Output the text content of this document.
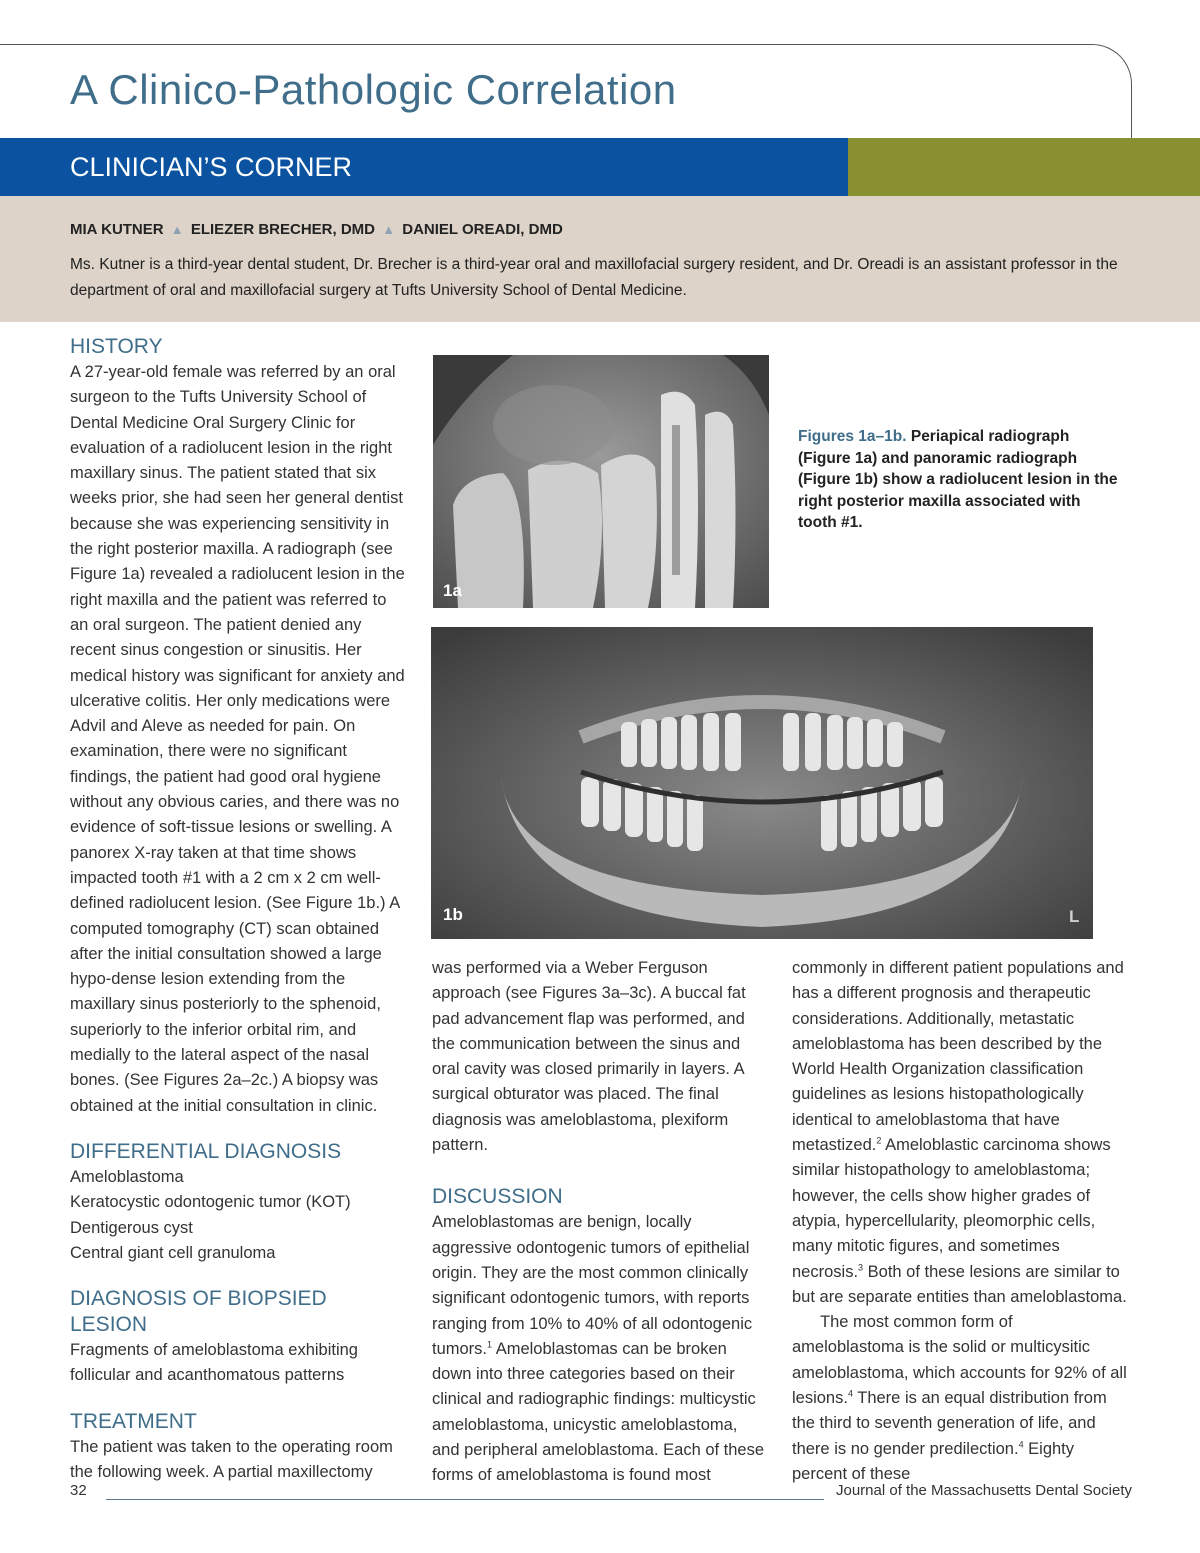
A Clinico-Pathologic Correlation
CLINICIAN’S CORNER
MIA KUTNER ▲ ELIEZER BRECHER, DMD ▲ DANIEL OREADI, DMD
Ms. Kutner is a third-year dental student, Dr. Brecher is a third-year oral and maxillofacial surgery resident, and Dr. Oreadi is an assistant professor in the department of oral and maxillofacial surgery at Tufts University School of Dental Medicine.
HISTORY

A 27-year-old female was referred by an oral surgeon to the Tufts University School of Dental Medicine Oral Surgery Clinic for evaluation of a radiolucent lesion in the right maxillary sinus. The patient stated that six weeks prior, she had seen her general dentist because she was experiencing sensitivity in the right posterior maxilla. A radiograph (see Figure 1a) revealed a radiolucent lesion in the right maxilla and the patient was referred to an oral surgeon. The patient denied any recent sinus congestion or sinusitis. Her medical history was significant for anxiety and ulcerative colitis. Her only medications were Advil and Aleve as needed for pain. On examination, there were no significant findings, the patient had good oral hygiene without any obvious caries, and there was no evidence of soft-tissue lesions or swelling. A panorex X-ray taken at that time shows impacted tooth #1 with a 2 cm x 2 cm well-defined radiolucent lesion. (See Figure 1b.) A computed tomography (CT) scan obtained after the initial consultation showed a large hypo-dense lesion extending from the maxillary sinus posteriorly to the sphenoid, superiorly to the inferior orbital rim, and medially to the lateral aspect of the nasal bones. (See Figures 2a–2c.) A biopsy was obtained at the initial consultation in clinic.

DIFFERENTIAL DIAGNOSIS

Ameloblastoma

Keratocystic odontogenic tumor (KOT)

Dentigerous cyst

Central giant cell granuloma

DIAGNOSIS OF BIOPSIED LESION

Fragments of ameloblastoma exhibiting follicular and acanthomatous patterns

TREATMENT

The patient was taken to the operating room the following week. A partial maxillectomy

1a
Figures 1a–1b. Periapical radiograph (Figure 1a) and panoramic radiograph (Figure 1b) show a radiolucent lesion in the right posterior maxilla associated with tooth #1.
1b	L

was performed via a Weber Ferguson approach (see Figures 3a–3c). A buccal fat pad advancement flap was performed, and the communication between the sinus and oral cavity was closed primarily in layers. A surgical obturator was placed. The final diagnosis was ameloblastoma, plexiform pattern.

DISCUSSION

Ameloblastomas are benign, locally aggressive odontogenic tumors of epithelial origin. They are the most common clinically significant odontogenic tumors, with reports ranging from 10% to 40% of all odontogenic tumors.$^1$ Ameloblastomas can be broken down into three categories based on their clinical and radiographic findings: multicystic ameloblastoma, unicystic ameloblastoma, and peripheral ameloblastoma. Each of these forms of ameloblastoma is found most

commonly in different patient populations and has a different prognosis and therapeutic considerations. Additionally, metastatic ameloblastoma has been described by the World Health Organization classification guidelines as lesions histopathologically identical to ameloblastoma that have metastized.$^2$ Ameloblastic carcinoma shows similar histopathology to ameloblastoma; however, the cells show higher grades of atypia, hypercellularity, pleomorphic cells, many mitotic figures, and sometimes necrosis.$^3$ Both of these lesions are similar to but are separate entities than ameloblastoma.

The most common form of ameloblastoma is the solid or multicysitic ameloblastoma, which accounts for 92% of all lesions.$^4$ There is an equal distribution from the third to seventh generation of life, and there is no gender predilection.$^4$ Eighty percent of these

32	Journal of the Massachusetts Dental Society
